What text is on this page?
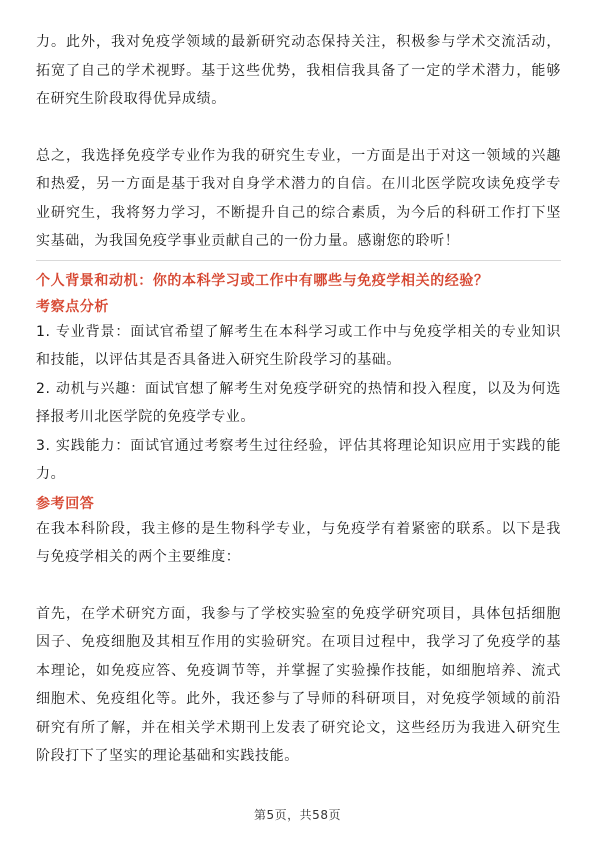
力。此外，我对免疫学领域的最新研究动态保持关注，积极参与学术交流活动，拓宽了自己的学术视野。基于这些优势，我相信我具备了一定的学术潜力，能够在研究生阶段取得优异成绩。

总之，我选择免疫学专业作为我的研究生专业，一方面是出于对这一领域的兴趣和热爱，另一方面是基于我对自身学术潜力的自信。在川北医学院攻读免疫学专业研究生，我将努力学习，不断提升自己的综合素质，为今后的科研工作打下坚实基础，为我国免疫学事业贡献自己的一份力量。感谢您的聆听！

个人背景和动机：你的本科学习或工作中有哪些与免疫学相关的经验？

考察点分析

1. 专业背景：面试官希望了解考生在本科学习或工作中与免疫学相关的专业知识和技能，以评估其是否具备进入研究生阶段学习的基础。

2. 动机与兴趣：面试官想了解考生对免疫学研究的热情和投入程度，以及为何选择报考川北医学院的免疫学专业。

3. 实践能力：面试官通过考察考生过往经验，评估其将理论知识应用于实践的能力。

参考回答

在我本科阶段，我主修的是生物科学专业，与免疫学有着紧密的联系。以下是我与免疫学相关的两个主要维度：

首先，在学术研究方面，我参与了学校实验室的免疫学研究项目，具体包括细胞因子、免疫细胞及其相互作用的实验研究。在项目过程中，我学习了免疫学的基本理论，如免疫应答、免疫调节等，并掌握了实验操作技能，如细胞培养、流式细胞术、免疫组化等。此外，我还参与了导师的科研项目，对免疫学领域的前沿研究有所了解，并在相关学术期刊上发表了研究论文，这些经历为我进入研究生阶段打下了坚实的理论基础和实践技能。

第5页，共58页
